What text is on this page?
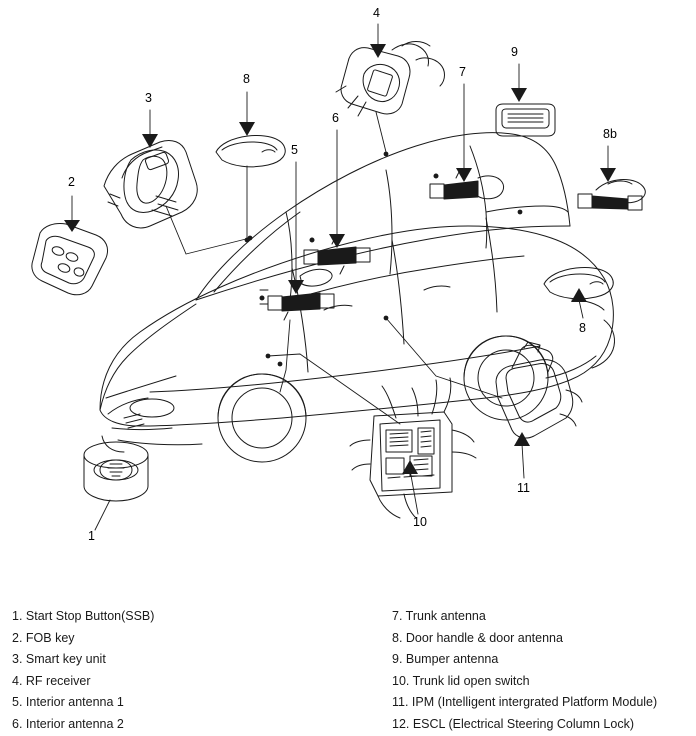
1
2
3
4
5
6
7
8
8
8b
9
10
11
1. Start Stop Button(SSB)
2. FOB key
3. Smart key unit
4. RF receiver
5. Interior antenna 1
6. Interior antenna 2
7. Trunk antenna
8. Door handle & door antenna
9. Bumper antenna
10. Trunk lid open switch
11. IPM (Intelligent intergrated Platform Module)
12. ESCL (Electrical Steering Column Lock)
